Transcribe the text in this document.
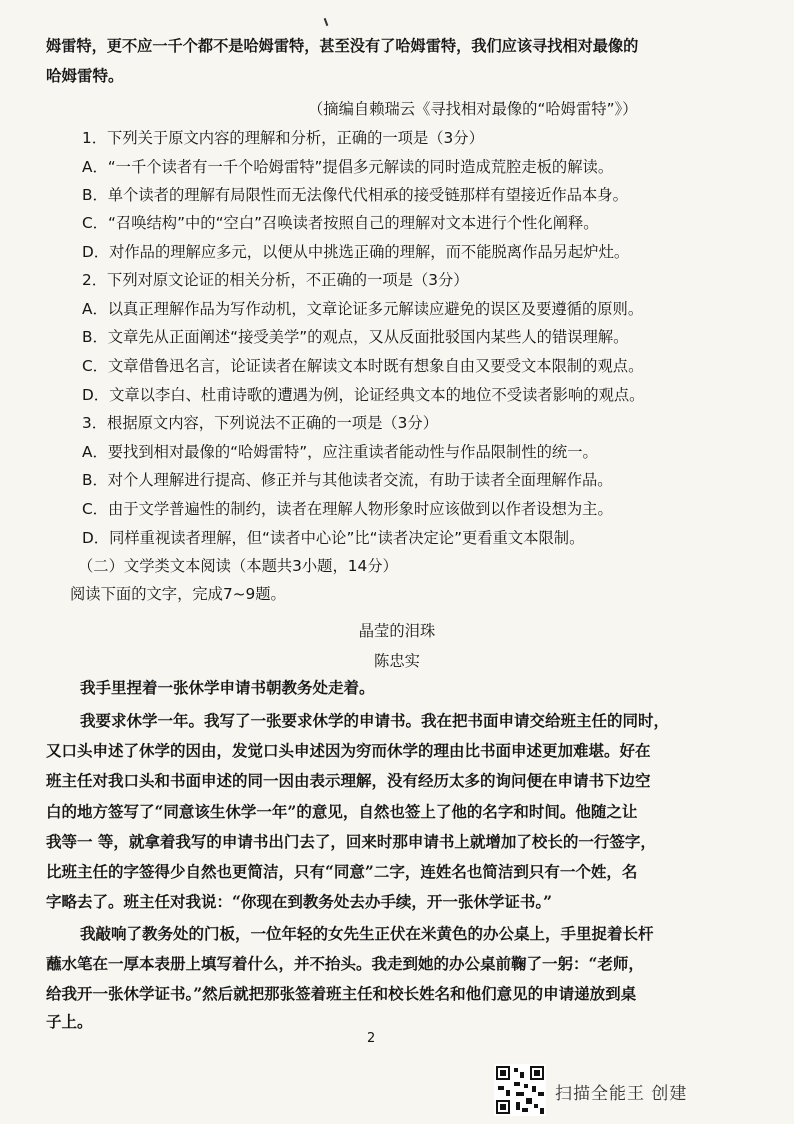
姆雷特，更不应一千个都不是哈姆雷特，甚至没有了哈姆雷特，我们应该寻找相对最像的
哈姆雷特。
（摘编自赖瑞云《寻找相对最像的“哈姆雷特”》）
1．下列关于原文内容的理解和分析，正确的一项是（3分）
A．“一千个读者有一千个哈姆雷特”提倡多元解读的同时造成荒腔走板的解读。
B．单个读者的理解有局限性而无法像代代相承的接受链那样有望接近作品本身。
C．“召唤结构”中的“空白”召唤读者按照自己的理解对文本进行个性化阐释。
D．对作品的理解应多元，以便从中挑选正确的理解，而不能脱离作品另起炉灶。
2．下列对原文论证的相关分析，不正确的一项是（3分）
A．以真正理解作品为写作动机，文章论证多元解读应避免的误区及要遵循的原则。
B．文章先从正面阐述“接受美学”的观点，又从反面批驳国内某些人的错误理解。
C．文章借鲁迅名言，论证读者在解读文本时既有想象自由又要受文本限制的观点。
D．文章以李白、杜甫诗歌的遭遇为例，论证经典文本的地位不受读者影响的观点。
3．根据原文内容，下列说法不正确的一项是（3分）
A．要找到相对最像的“哈姆雷特”，应注重读者能动性与作品限制性的统一。
B．对个人理解进行提高、修正并与其他读者交流，有助于读者全面理解作品。
C．由于文学普遍性的制约，读者在理解人物形象时应该做到以作者设想为主。
D．同样重视读者理解，但“读者中心论”比“读者决定论”更看重文本限制。
（二）文学类文本阅读（本题共3小题，14分）
阅读下面的文字，完成7~9题。
晶莹的泪珠
陈忠实
我手里捏着一张休学申请书朝教务处走着。
我要求休学一年。我写了一张要求休学的申请书。我在把书面申请交给班主任的同时，
又口头申述了休学的因由，发觉口头申述因为穷而休学的理由比书面申述更加难堪。好在
班主任对我口头和书面申述的同一因由表示理解，没有经历太多的询问便在申请书下边空
白的地方签写了“同意该生休学一年”的意见，自然也签上了他的名字和时间。他随之让
我等一 等，就拿着我写的申请书出门去了，回来时那申请书上就增加了校长的一行签字，
比班主任的字签得少自然也更简洁，只有“同意”二字，连姓名也简洁到只有一个姓，名
字略去了。班主任对我说：“你现在到教务处去办手续，开一张休学证书。”
我敲响了教务处的门板，一位年轻的女先生正伏在米黄色的办公桌上，手里捉着长杆
蘸水笔在一厚本表册上填写着什么，并不抬头。我走到她的办公桌前鞠了一躬：“老师，
给我开一张休学证书。”然后就把那张签着班主任和校长姓名和他们意见的申请递放到桌
子上。
2
扫描全能王 创建
